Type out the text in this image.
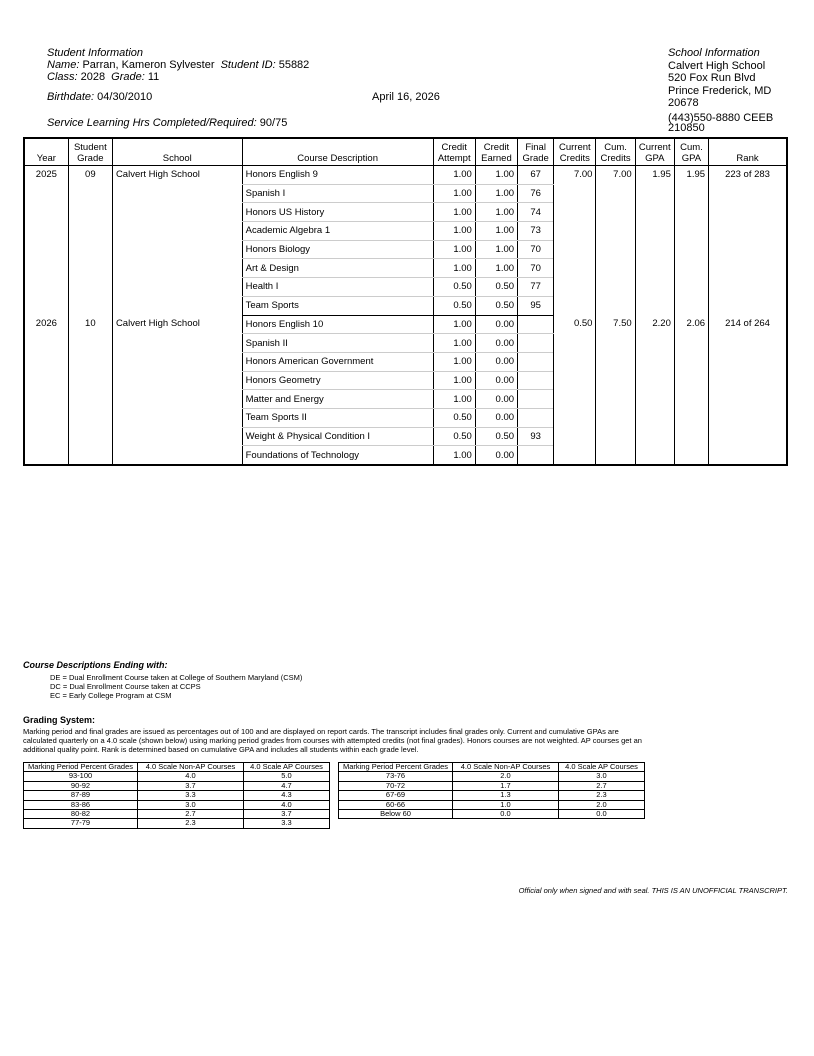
Student Information
Name: Parran, Kameron Sylvester Student ID: 55882
Class: 2028 Grade: 11
Birthdate: 04/30/2010	April 16, 2026
Service Learning Hrs Completed/Required: 90/75
School Information
Calvert High School
520 Fox Run Blvd
Prince Frederick, MD
20678
(443)550-8880 CEEB
210850
Year	Student Grade	School	Course Description	Credit Attempt	Credit Earned	Final Grade	Current Credits	Cum. Credits	Current GPA	Cum. GPA	Rank
2025	09	Calvert High School	Honors English 9	1.00	1.00	67	7.00	7.00	1.95	1.95	223 of 283
			Spanish I	1.00	1.00	76					
			Honors US History	1.00	1.00	74					
			Academic Algebra 1	1.00	1.00	73					
			Honors Biology	1.00	1.00	70					
			Art & Design	1.00	1.00	70					
			Health I	0.50	0.50	77					
			Team Sports	0.50	0.50	95					
2026	10	Calvert High School	Honors English 10	1.00	0.00		0.50	7.50	2.20	2.06	214 of 264
			Spanish II	1.00	0.00						
			Honors American Government	1.00	0.00						
			Honors Geometry	1.00	0.00						
			Matter and Energy	1.00	0.00						
			Team Sports II	0.50	0.00						
			Weight & Physical Condition I	0.50	0.50	93					
			Foundations of Technology	1.00	0.00						
Course Descriptions Ending with:
DE = Dual Enrollment Course taken at College of Southern Maryland (CSM)
DC = Dual Enrollment Course taken at CCPS
EC = Early College Program at CSM
Grading System:
Marking period and final grades are issued as percentages out of 100 and are displayed on report cards. The transcript includes final grades only. Current and cumulative GPAs are calculated quarterly on a 4.0 scale (shown below) using marking period grades from courses with attempted credits (not final grades). Honors courses are not weighted. AP courses get an additional quality point. Rank is determined based on cumulative GPA and includes all students within each grade level.
Marking Period Percent Grades	4.0 Scale Non-AP Courses	4.0 Scale AP Courses
93-100	4.0	5.0
90-92	3.7	4.7
87-89	3.3	4.3
83-86	3.0	4.0
80-82	2.7	3.7
77-79	2.3	3.3
Marking Period Percent Grades	4.0 Scale Non-AP Courses	4.0 Scale AP Courses
73-76	2.0	3.0
70-72	1.7	2.7
67-69	1.3	2.3
60-66	1.0	2.0
Below 60	0.0	0.0
Official only when signed and with seal. THIS IS AN UNOFFICIAL TRANSCRIPT.
